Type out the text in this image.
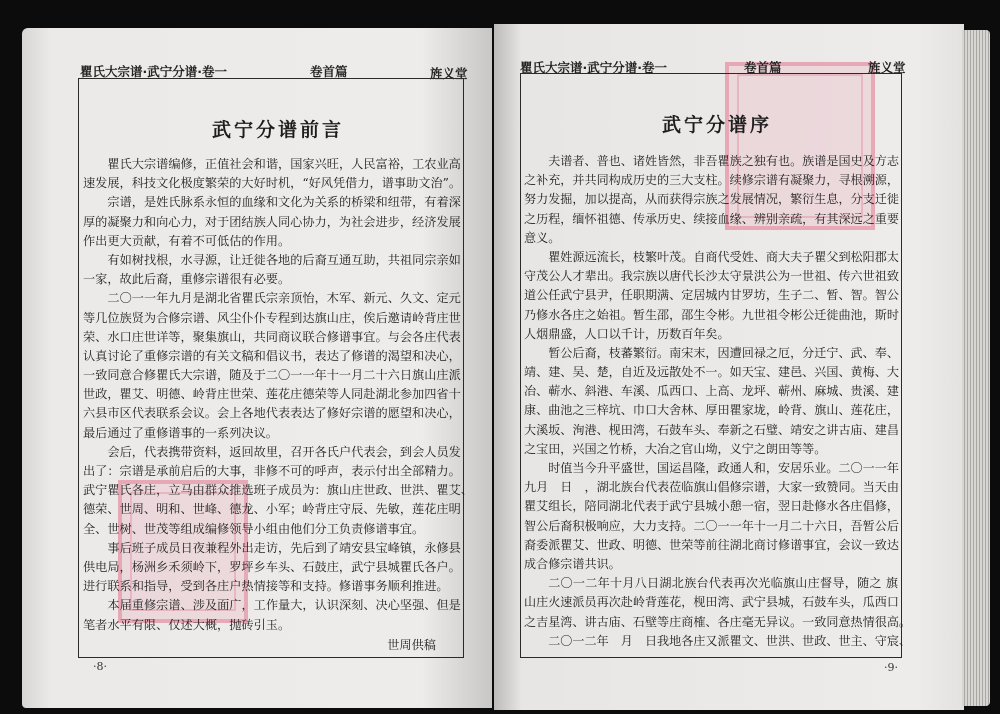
瞿氏大宗谱·武宁分谱·卷一	卷首篇	旌义堂
武宁分谱前言
瞿氏大宗谱编修，正值社会和谐，国家兴旺，人民富裕，工农业高
速发展，科技文化极度繁荣的大好时机，“好风凭借力，谱事助文治”。
宗谱，是姓氏脉系永恒的血缘和文化为关系的桥梁和纽带，有着深
厚的凝聚力和向心力，对于团结族人同心协力，为社会进步，经济发展
作出更大贡献，有着不可低估的作用。
有如树找根，水寻源，让迁徙各地的后裔互通互助，共祖同宗亲如
一家，故此后裔，重修宗谱很有必要。
二〇一一年九月是湖北省瞿氏宗亲顶怡，木军、新元、久文、定元
等几位族贤为合修宗谱、风尘仆仆专程到达旗山庄，俟后邀请岭背庄世
荣、水口庄世详等，聚集旗山，共同商议联合修谱事宜。与会各庄代表
认真讨论了重修宗谱的有关文稿和倡议书，表达了修谱的渴望和决心，
一致同意合修瞿氏大宗谱，随及于二〇一一年十一月二十六日旗山庄派
世政，瞿艾、明德、岭背庄世荣、莲花庄德荣等人同赴湖北参加四省十
六县市区代表联系会议。会上各地代表表达了修好宗谱的愿望和决心，
最后通过了重修谱事的一系列决议。
会后，代表携带资料，返回故里，召开各氏户代表会，到会人员发
出了：宗谱是承前启后的大事，非修不可的呼声，表示付出全部精力。
武宁瞿氏各庄，立马由群众推选班子成员为：旗山庄世政、世洪、瞿艾、
德荣、世周、明和、世峰、德龙、小军；岭背庄守辰、先敏，莲花庄明
全、世树、世茂等组成编修领导小组由他们分工负责修谱事宜。
事后班子成员日夜兼程外出走访，先后到了靖安县宝峰镇，永修县
供电局，杨洲乡禾须岭下，罗坪乡车头、石鼓庄，武宁县城瞿氏各户。
进行联系和指导，受到各庄户热情接等和支持。修谱事务顺利推进。
本届重修宗谱、涉及面广，工作量大，认识深刻、决心坚强、但是
笔者水平有限、仅述大概，抛砖引玉。
世周供稿
·8·
瞿氏大宗谱·武宁分谱·卷一	卷首篇	旌义堂
武宁分谱序
夫谱者、普也、诸姓皆然，非吾瞿族之独有也。族谱是国史及方志
之补充，并共同构成历史的三大支柱。续修宗谱有凝聚力，寻根溯源，
努力发掘，加以提高，从而获得宗族之发展情况，繁衍生息，分支迁徙
之历程，缅怀祖德、传承历史、续接血缘、辨别亲疏，有其深远之重要
意义。
瞿姓源远流长，枝繁叶茂。自商代受姓、商大夫子瞿父到松阳郡太
守茂公人才辈出。我宗族以唐代长沙太守景洪公为一世祖、传六世祖致
道公任武宁县尹，任职期满、定居城内甘罗坊，生子二、暂、智。智公
乃修水各庄之始祖。暂生邵，邵生令彬。九世祖令彬公迁徙曲池，斯时
人烟鼎盛，人口以千计，历数百年矣。
暂公后裔，枝蕃繁衍。南宋末，因遭回禄之厄，分迁宁、武、奉、
靖、建、吴、楚，自近及远散处不一。如天宝、建邑、兴国、黄梅、大
冶、蕲水、斜港、车溪、瓜西口、上高、龙坪、蕲州、麻城、贵溪、建
康、曲池之三梓坑、巾口大舍林、厚田瞿家垅，岭背、旗山、莲花庄，
大溪坂、洵港、枧田湾，石鼓车头、奉新之石璧、靖安之讲古庙、建昌
之宝田，兴国之竹桥，大冶之官山坳，义宁之朗田等等。
时值当今升平盛世，国运昌隆，政通人和，安居乐业。二〇一一年
九月　日　，湖北族台代表莅临旗山倡修宗谱，大家一致赞同。当天由
瞿艾组长，陪同湖北代表于武宁县城小憩一宿，翌日赴修水各庄倡修，
智公后裔积极响应，大力支持。二〇一一年十一月二十六日，吾暂公后
裔委派瞿艾、世政、明德、世荣等前往湖北商讨修谱事宜，会议一致达
成合修宗谱共识。
二〇一二年十月八日湖北族台代表再次光临旗山庄督导，随之 旗
山庄火速派员再次赴岭背莲花，枧田湾、武宁县城，石鼓车头，瓜西口
之吉星湾、讲古庙、石壁等庄商榷、各庄毫无异议。一致同意热情很高。
二〇一二年　月　日我地各庄又派瞿文、世洪、世政、世主、守宸、
·9·
